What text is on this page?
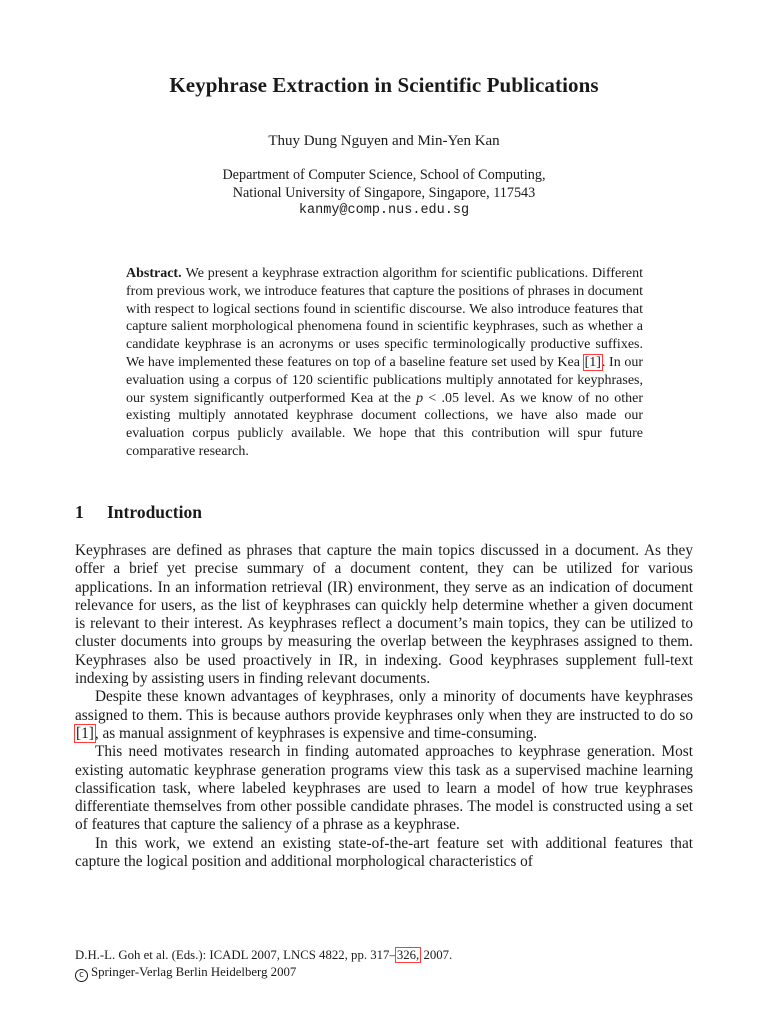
Keyphrase Extraction in Scientific Publications

Thuy Dung Nguyen and Min-Yen Kan

Department of Computer Science, School of Computing,
National University of Singapore, Singapore, 117543
kanmy@comp.nus.edu.sg

Abstract. We present a keyphrase extraction algorithm for scientific publications. Different from previous work, we introduce features that capture the positions of phrases in document with respect to logical sections found in scientific discourse. We also introduce features that capture salient morphological phenomena found in scientific keyphrases, such as whether a candidate keyphrase is an acronyms or uses specific terminologically productive suffixes. We have implemented these features on top of a baseline feature set used by Kea [1]. In our evaluation using a corpus of 120 scientific publications multiply annotated for keyphrases, our system significantly outperformed Kea at the p < .05 level. As we know of no other existing multiply annotated keyphrase document collections, we have also made our evaluation corpus publicly available. We hope that this contribution will spur future comparative research.

1 Introduction

Keyphrases are defined as phrases that capture the main topics discussed in a document. As they offer a brief yet precise summary of a document content, they can be utilized for various applications. In an information retrieval (IR) environment, they serve as an indication of document relevance for users, as the list of keyphrases can quickly help determine whether a given document is relevant to their interest. As keyphrases reflect a document’s main topics, they can be utilized to cluster documents into groups by measuring the overlap between the keyphrases assigned to them. Keyphrases also be used proactively in IR, in indexing. Good keyphrases supplement full-text indexing by assisting users in finding relevant documents.

Despite these known advantages of keyphrases, only a minority of documents have keyphrases assigned to them. This is because authors provide keyphrases only when they are instructed to do so [1], as manual assignment of keyphrases is expensive and time-consuming.

This need motivates research in finding automated approaches to keyphrase generation. Most existing automatic keyphrase generation programs view this task as a supervised machine learning classification task, where labeled keyphrases are used to learn a model of how true keyphrases differentiate themselves from other possible candidate phrases. The model is constructed using a set of features that capture the saliency of a phrase as a keyphrase.

In this work, we extend an existing state-of-the-art feature set with additional features that capture the logical position and additional morphological characteristics of

D.H.-L. Goh et al. (Eds.): ICADL 2007, LNCS 4822, pp. 317–326, 2007.
c Springer-Verlag Berlin Heidelberg 2007
